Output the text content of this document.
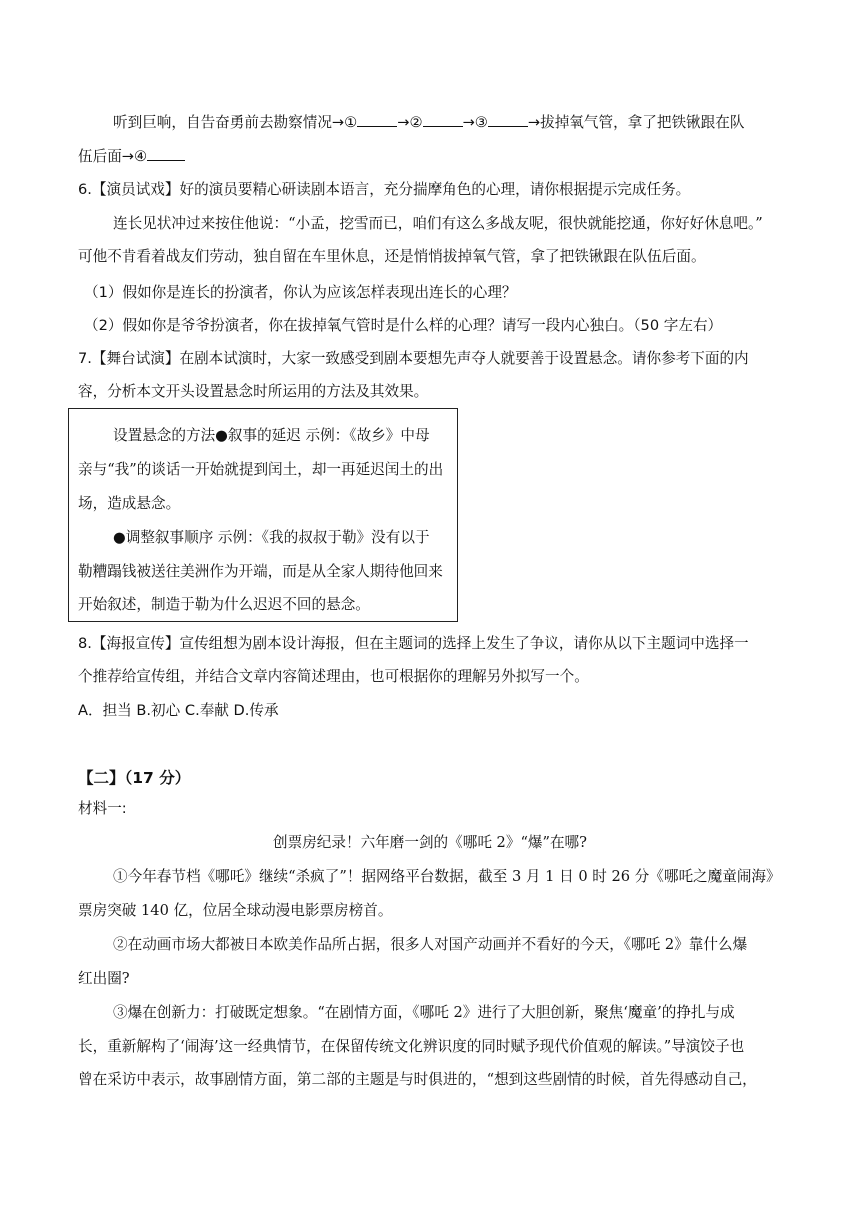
听到巨响，自告奋勇前去勘察情况→①	→②	→③	→拔掉氧气管，拿了把铁锹跟在队
伍后面→④
6.【演员试戏】好的演员要精心研读剧本语言，充分揣摩角色的心理，请你根据提示完成任务。
连长见状冲过来按住他说：“小孟，挖雪而已，咱们有这么多战友呢，很快就能挖通，你好好休息吧。”
可他不肯看着战友们劳动，独自留在车里休息，还是悄悄拔掉氧气管，拿了把铁锹跟在队伍后面。
（1）假如你是连长的扮演者，你认为应该怎样表现出连长的心理？
（2）假如你是爷爷扮演者，你在拔掉氧气管时是什么样的心理？请写一段内心独白。（50 字左右）
7.【舞台试演】在剧本试演时，大家一致感受到剧本要想先声夺人就要善于设置悬念。请你参考下面的内
容，分析本文开头设置悬念时所运用的方法及其效果。
设置悬念的方法●叙事的延迟 示例：《故乡》中母
亲与“我”的谈话一开始就提到闰土，却一再延迟闰土的出
场，造成悬念。
●调整叙事顺序 示例：《我的叔叔于勒》没有以于
勒糟蹋钱被送往美洲作为开端，而是从全家人期待他回来
开始叙述，制造于勒为什么迟迟不回的悬念。
8.【海报宣传】宣传组想为剧本设计海报，但在主题词的选择上发生了争议，请你从以下主题词中选择一
个推荐给宣传组，并结合文章内容简述理由，也可根据你的理解另外拟写一个。
A．担当 B.初心 C.奉献 D.传承
【二】（17 分）
材料一:
创票房纪录！六年磨一剑的《哪吒 2》“爆”在哪?
①今年春节档《哪吒》继续“杀疯了”！据网络平台数据，截至 3 月 1 日 0 时 26 分《哪吒之魔童闹海》
票房突破 140 亿，位居全球动漫电影票房榜首。
②在动画市场大都被日本欧美作品所占据，很多人对国产动画并不看好的今天，《哪吒 2》靠什么爆
红出圈?
③爆在创新力：打破既定想象。“在剧情方面，《哪吒 2》进行了大胆创新，聚焦‘魔童’的挣扎与成
长，重新解构了‘闹海’这一经典情节，在保留传统文化辨识度的同时赋予现代价值观的解读。”导演饺子也
曾在采访中表示，故事剧情方面，第二部的主题是与时俱进的，“想到这些剧情的时候，首先得感动自己，
